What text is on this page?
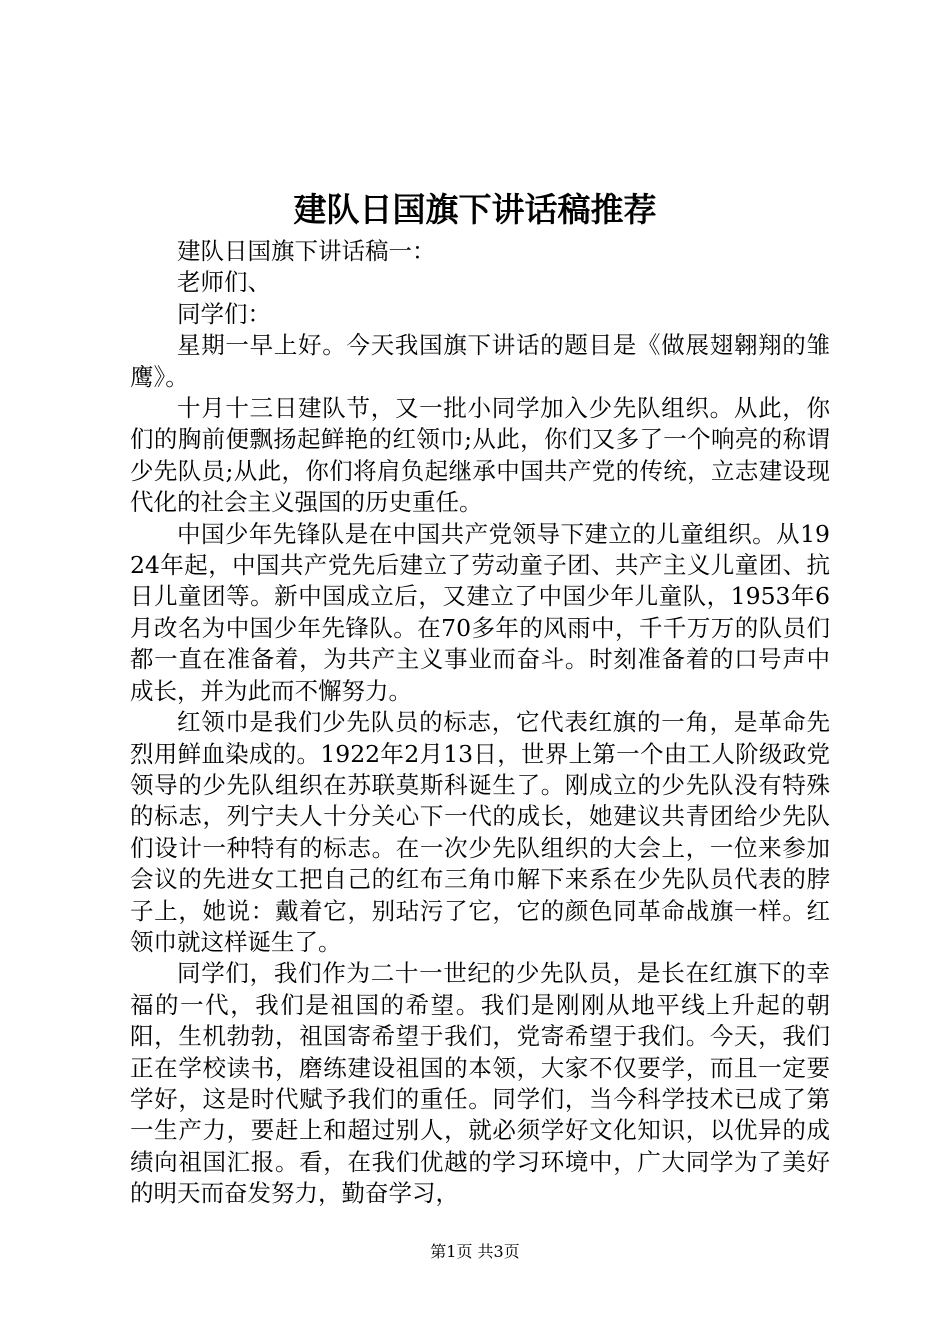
建队日国旗下讲话稿推荐

建队日国旗下讲话稿一：

老师们、

同学们：

星期一早上好。今天我国旗下讲话的题目是《做展翅翱翔的雏鹰》。

十月十三日建队节，又一批小同学加入少先队组织。从此，你们的胸前便飘扬起鲜艳的红领巾;从此，你们又多了一个响亮的称谓少先队员;从此，你们将肩负起继承中国共产党的传统，立志建设现代化的社会主义强国的历史重任。

中国少年先锋队是在中国共产党领导下建立的儿童组织。从1924年起，中国共产党先后建立了劳动童子团、共产主义儿童团、抗日儿童团等。新中国成立后，又建立了中国少年儿童队，1953年6月改名为中国少年先锋队。在70多年的风雨中，千千万万的队员们都一直在准备着，为共产主义事业而奋斗。时刻准备着的口号声中成长，并为此而不懈努力。

红领巾是我们少先队员的标志，它代表红旗的一角，是革命先烈用鲜血染成的。1922年2月13日，世界上第一个由工人阶级政党领导的少先队组织在苏联莫斯科诞生了。刚成立的少先队没有特殊的标志，列宁夫人十分关心下一代的成长，她建议共青团给少先队们设计一种特有的标志。在一次少先队组织的大会上，一位来参加会议的先进女工把自己的红布三角巾解下来系在少先队员代表的脖子上，她说：戴着它，别玷污了它，它的颜色同革命战旗一样。红领巾就这样诞生了。

同学们，我们作为二十一世纪的少先队员，是长在红旗下的幸福的一代，我们是祖国的希望。我们是刚刚从地平线上升起的朝阳，生机勃勃，祖国寄希望于我们，党寄希望于我们。今天，我们正在学校读书，磨练建设祖国的本领，大家不仅要学，而且一定要学好，这是时代赋予我们的重任。同学们，当今科学技术已成了第一生产力，要赶上和超过别人，就必须学好文化知识，以优异的成绩向祖国汇报。看，在我们优越的学习环境中，广大同学为了美好的明天而奋发努力，勤奋学习，

第1页 共3页
